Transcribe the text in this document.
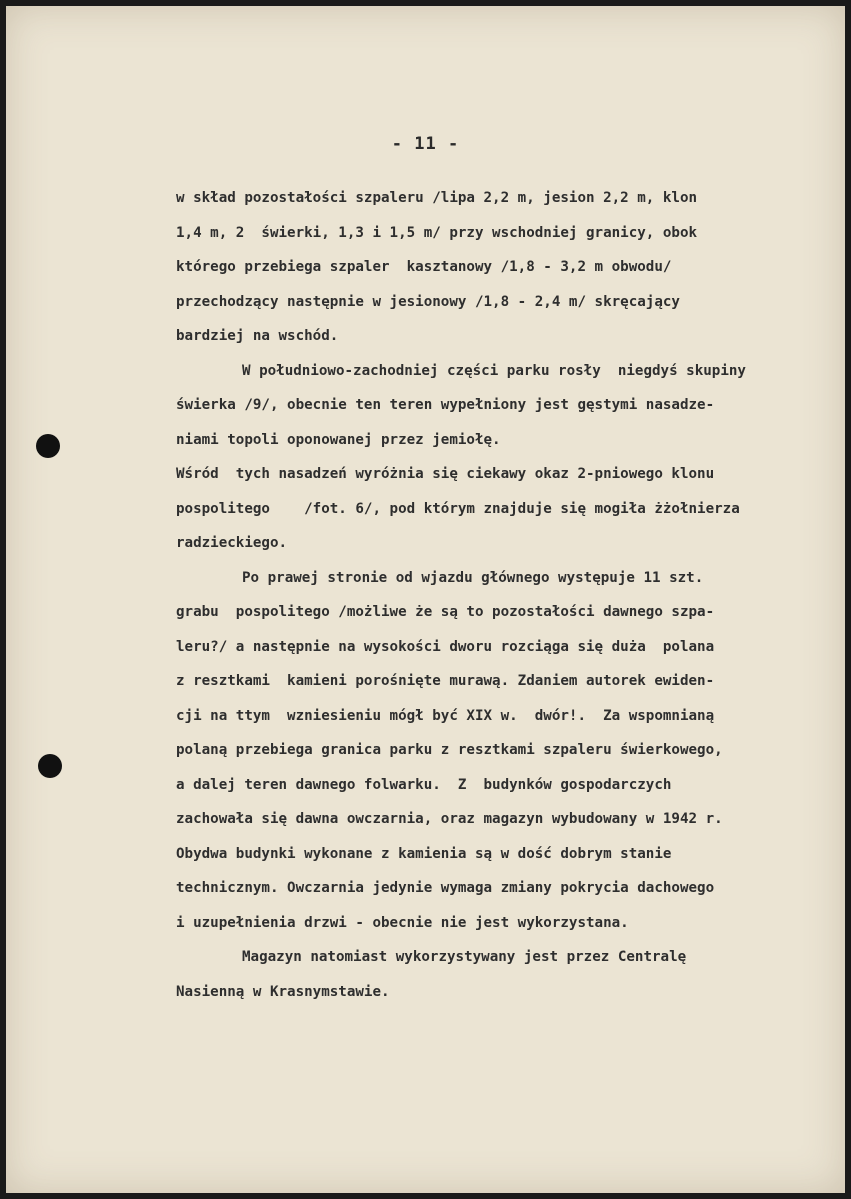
- 11 -
w skład pozostałości szpaleru /lipa 2,2 m, jesion 2,2 m, klon
1,4 m, 2  świerki, 1,3 i 1,5 m/ przy wschodniej granicy, obok
którego przebiega szpaler  kasztanowy /1,8 - 3,2 m obwodu/
przechodzący następnie w jesionowy /1,8 - 2,4 m/ skręcający
bardziej na wschód.
W południowo-zachodniej części parku rosły  niegdyś skupiny
świerka /9/, obecnie ten teren wypełniony jest gęstymi nasadze-
niami topoli oponowanej przez jemiołę.
Wśród  tych nasadzeń wyróżnia się ciekawy okaz 2-pniowego klonu
pospolitego    /fot. 6/, pod którym znajduje się mogiła żżołnierza
radzieckiego.
Po prawej stronie od wjazdu głównego występuje 11 szt.
grabu  pospolitego /możliwe że są to pozostałości dawnego szpa-
leru?/ a następnie na wysokości dworu rozciąga się duża  polana
z resztkami  kamieni porośnięte murawą. Zdaniem autorek ewiden-
cji na ttym  wzniesieniu mógł być XIX w.  dwór!.  Za wspomnianą
polaną przebiega granica parku z resztkami szpaleru świerkowego,
a dalej teren dawnego folwarku.  Z  budynków gospodarczych
zachowała się dawna owczarnia, oraz magazyn wybudowany w 1942 r.
Obydwa budynki wykonane z kamienia są w dość dobrym stanie
technicznym. Owczarnia jedynie wymaga zmiany pokrycia dachowego
i uzupełnienia drzwi - obecnie nie jest wykorzystana.
Magazyn natomiast wykorzystywany jest przez Centralę
Nasienną w Krasnymstawie.
